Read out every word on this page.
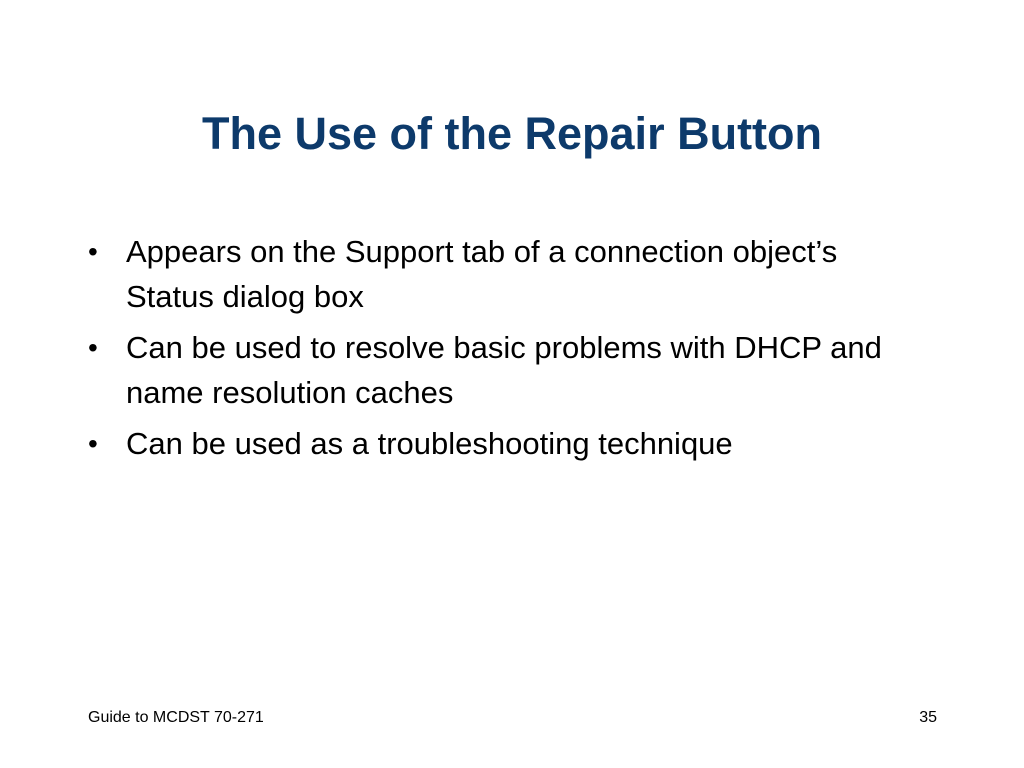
The Use of the Repair Button
• Appears on the Support tab of a connection object’s Status dialog box
• Can be used to resolve basic problems with DHCP and name resolution caches
• Can be used as a troubleshooting technique
Guide to MCDST 70-271	35
